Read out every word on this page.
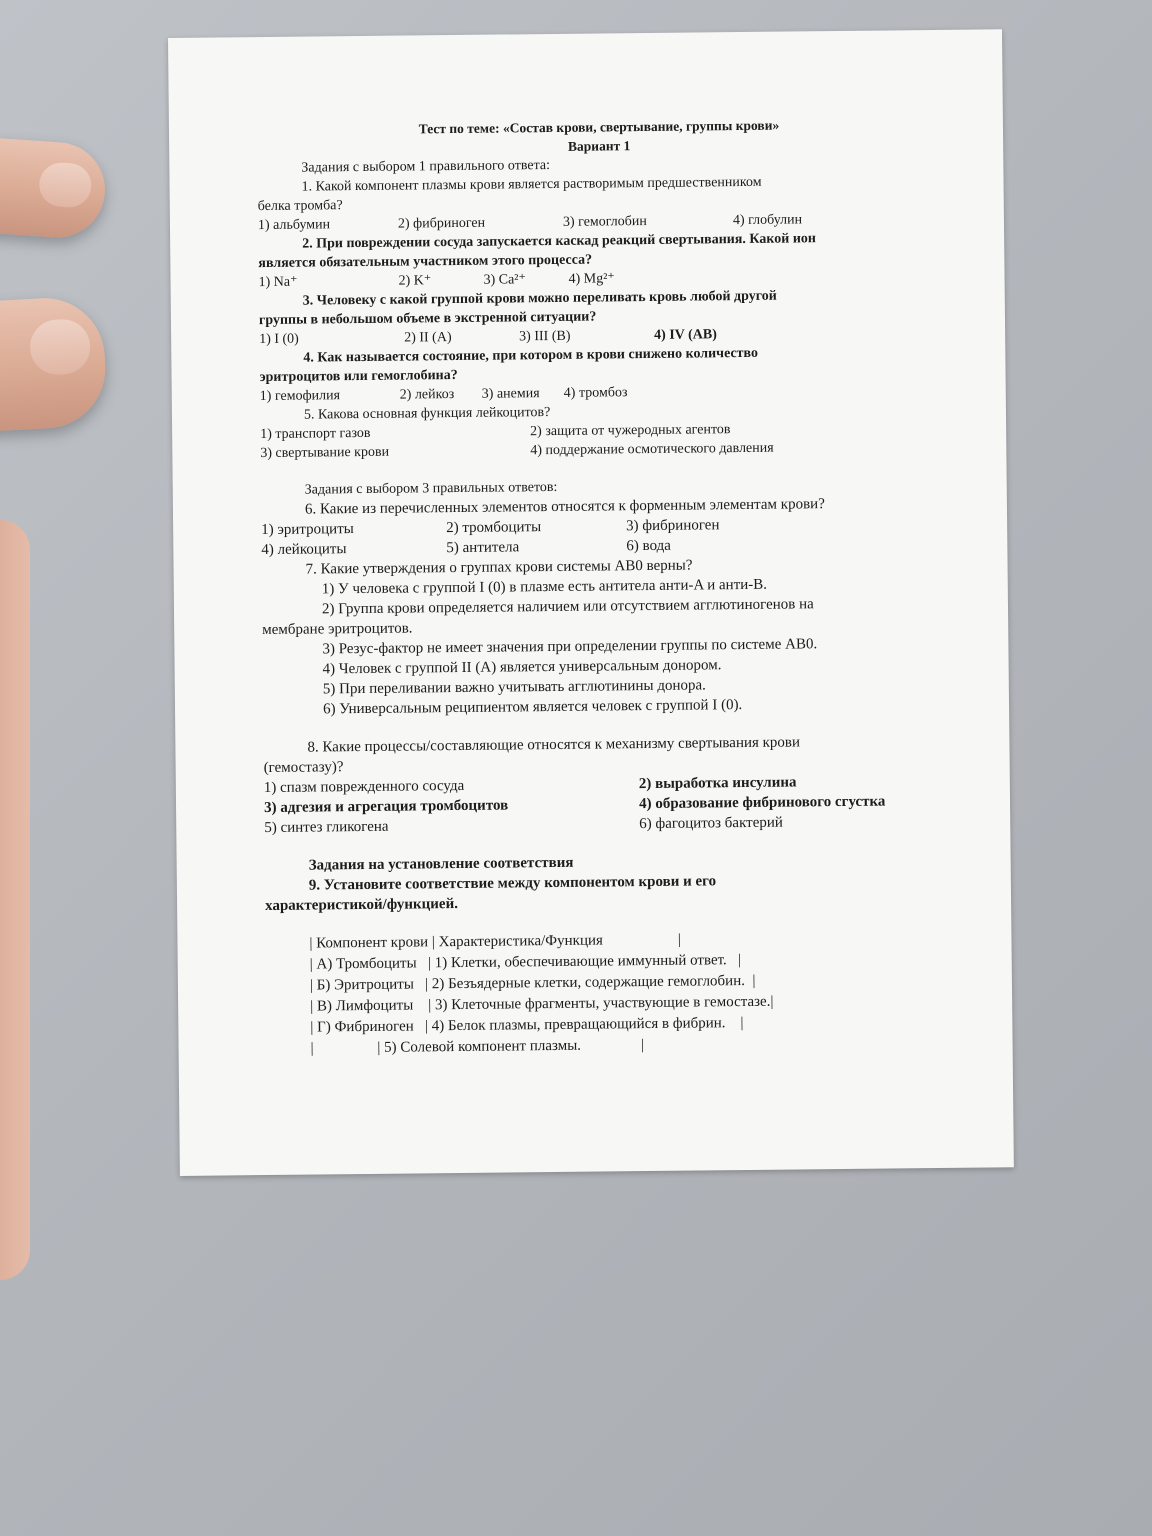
Тест по теме: «Состав крови, свертывание, группы крови»
Вариант 1
Задания с выбором 1 правильного ответа:
1. Какой компонент плазмы крови является растворимым предшественником
белка тромба?
1) альбумин	2) фибриноген	3) гемоглобин	4) глобулин
2. При повреждении сосуда запускается каскад реакций свертывания. Какой ион
является обязательным участником этого процесса?
1) Na⁺	2) K⁺	3) Ca²⁺	4) Mg²⁺
3. Человеку с какой группой крови можно переливать кровь любой другой
группы в небольшом объеме в экстренной ситуации?
1) I (0)	2) II (A)	3) III (B)	4) IV (AB)
4. Как называется состояние, при котором в крови снижено количество
эритроцитов или гемоглобина?
1) гемофилия	2) лейкоз	3) анемия	4) тромбоз
5. Какова основная функция лейкоцитов?
1) транспорт газов	2) защита от чужеродных агентов
3) свертывание крови	4) поддержание осмотического давления
Задания с выбором 3 правильных ответов:
6. Какие из перечисленных элементов относятся к форменным элементам крови?
1) эритроциты	2) тромбоциты	3) фибриноген
4) лейкоциты	5) антитела	6) вода
7. Какие утверждения о группах крови системы AB0 верны?
1) У человека с группой I (0) в плазме есть антитела анти-A и анти-B.
2) Группа крови определяется наличием или отсутствием агглютиногенов на
мембране эритроцитов.
3) Резус-фактор не имеет значения при определении группы по системе AB0.
4) Человек с группой II (A) является универсальным донором.
5) При переливании важно учитывать агглютинины донора.
6) Универсальным реципиентом является человек с группой I (0).
8. Какие процессы/составляющие относятся к механизму свертывания крови
(гемостазу)?
1) спазм поврежденного сосуда	2) выработка инсулина
3) адгезия и агрегация тромбоцитов	4) образование фибринового сгустка
5) синтез гликогена	6) фагоцитоз бактерий
Задания на установление соответствия
9. Установите соответствие между компонентом крови и его
характеристикой/функцией.
| Компонент крови | Характеристика/Функция                    |
| А) Тромбоциты   | 1) Клетки, обеспечивающие иммунный ответ.   |
| Б) Эритроциты   | 2) Безъядерные клетки, содержащие гемоглобин.  |
| В) Лимфоциты    | 3) Клеточные фрагменты, участвующие в гемостазе.|
| Г) Фибриноген   | 4) Белок плазмы, превращающийся в фибрин.    |
|                 | 5) Солевой компонент плазмы.                |
